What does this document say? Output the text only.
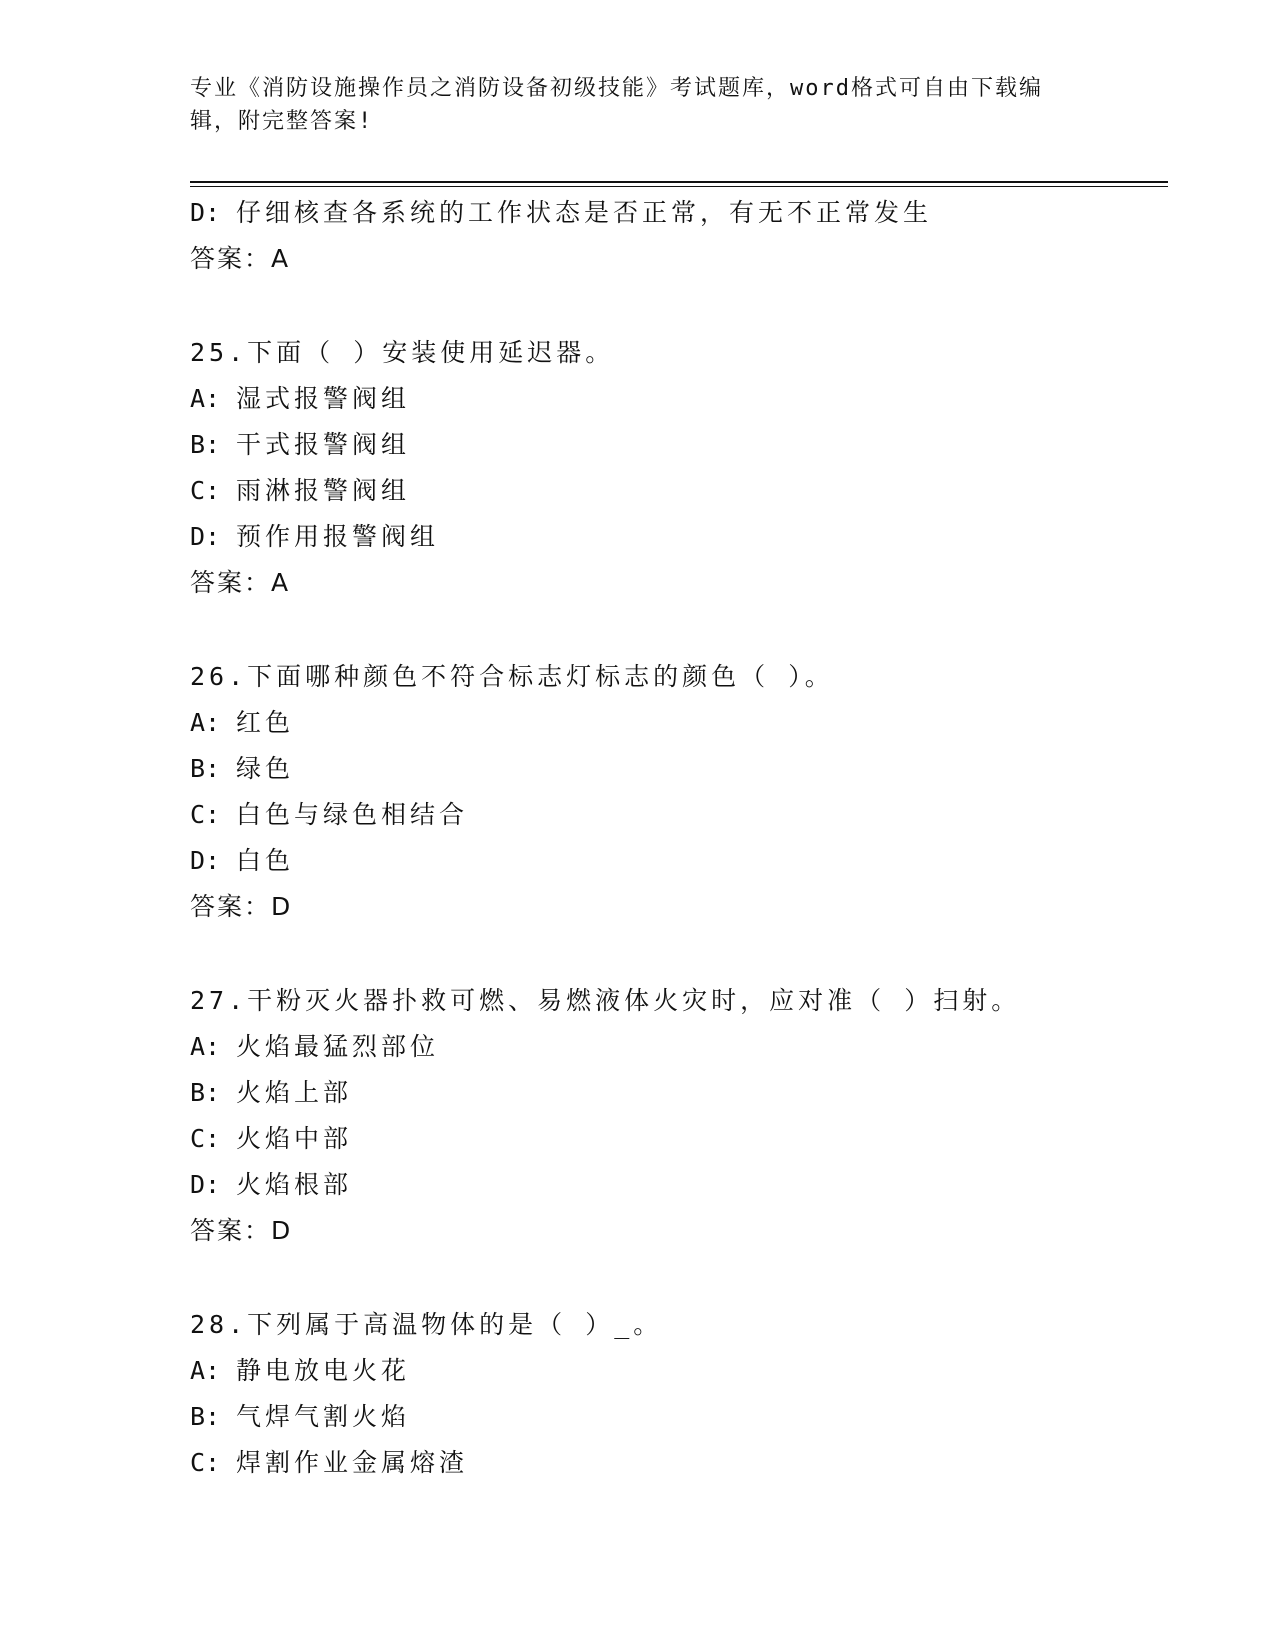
专业《消防设施操作员之消防设备初级技能》考试题库，word格式可自由下载编辑，附完整答案!
D: 仔细核查各系统的工作状态是否正常，有无不正常发生
答案：A
25.下面（ ）安装使用延迟器。
A: 湿式报警阀组
B: 干式报警阀组
C: 雨淋报警阀组
D: 预作用报警阀组
答案：A
26.下面哪种颜色不符合标志灯标志的颜色（ ）。
A: 红色
B: 绿色
C: 白色与绿色相结合
D: 白色
答案：D
27.干粉灭火器扑救可燃、易燃液体火灾时，应对准（ ）扫射。
A: 火焰最猛烈部位
B: 火焰上部
C: 火焰中部
D: 火焰根部
答案：D
28.下列属于高温物体的是（ ）_。
A: 静电放电火花
B: 气焊气割火焰
C: 焊割作业金属熔渣
